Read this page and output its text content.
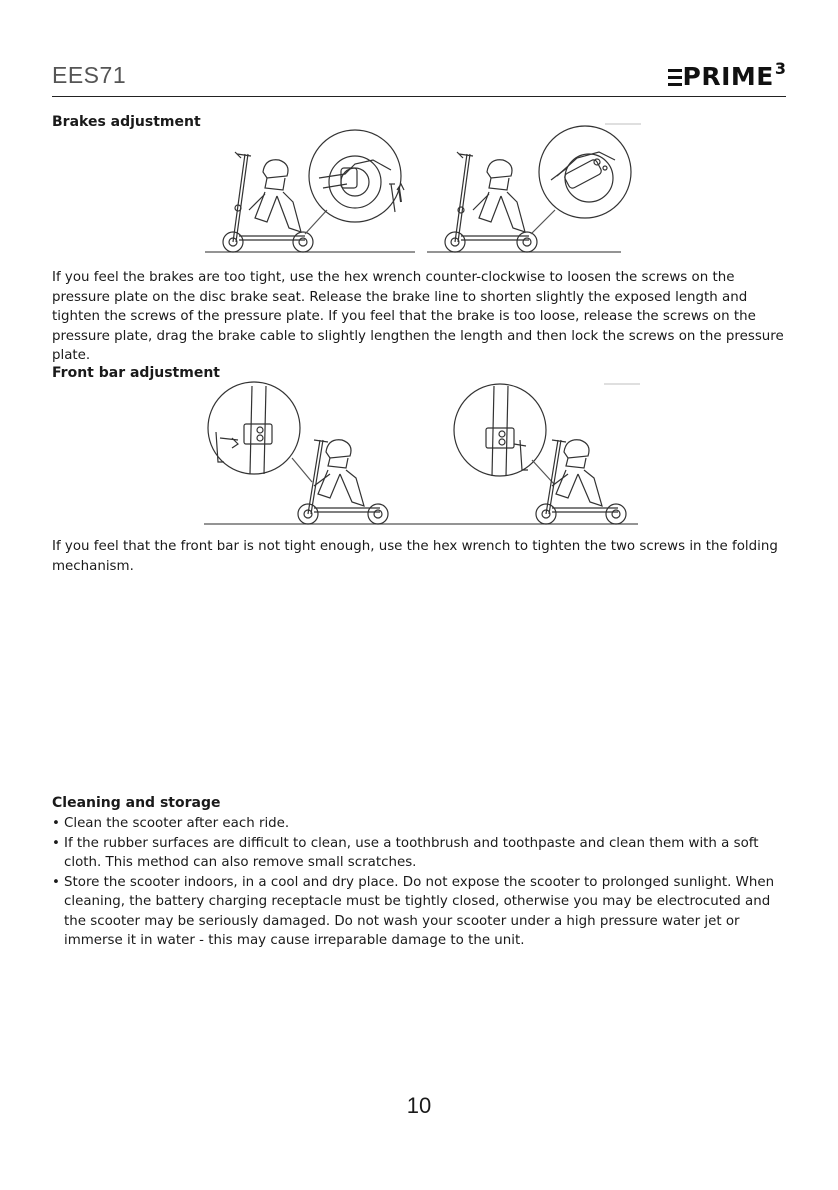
EES71	PRIME 3
Brakes adjustment

If you feel the brakes are too tight, use the hex wrench counter-clockwise to loosen the screws on the pressure plate on the disc brake seat. Release the brake line to shorten slightly the exposed length and tighten the screws of the pressure plate. If you feel that the brake is too loose, release the screws on the pressure plate, drag the brake cable to slightly lengthen the length and then lock the screws on the pressure plate.

Front bar adjustment

If you feel that the front bar is not tight enough, use the hex wrench to tighten the two screws in the folding mechanism.

Cleaning and storage
• Clean the scooter after each ride.
• If the rubber surfaces are difficult to clean, use a toothbrush and toothpaste and clean them with a soft cloth. This method can also remove small scratches.
• Store the scooter indoors, in a cool and dry place. Do not expose the scooter to prolonged sunlight. When cleaning, the battery charging receptacle must be tightly closed, otherwise you may be electrocuted and the scooter may be seriously damaged. Do not wash your scooter under a high pressure water jet or immerse it in water - this may cause irreparable damage to the unit.
10
